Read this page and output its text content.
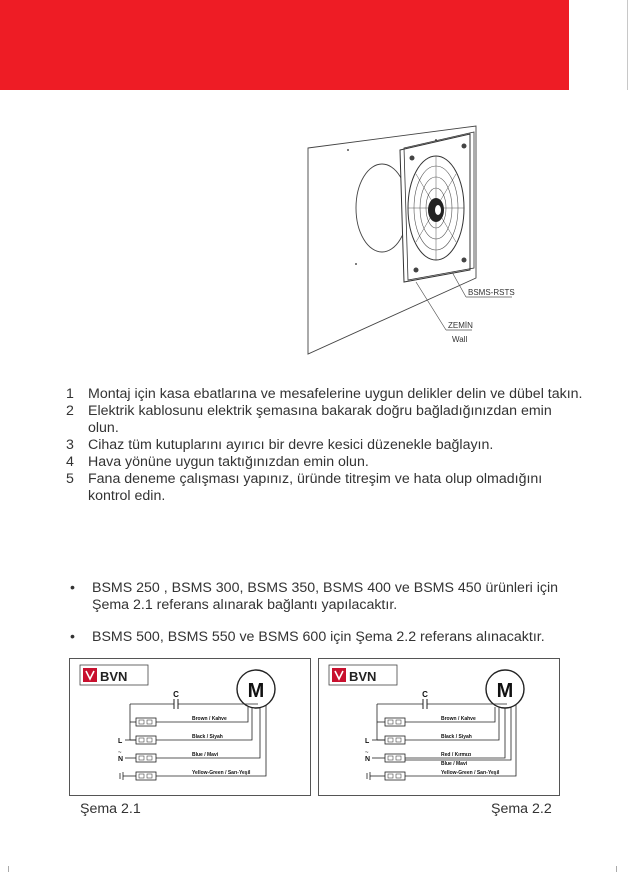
BSMS-RSTS
ZEMİN
Wall
1 Montaj için kasa ebatlarına ve mesafelerine uygun delikler delin ve dübel takın.
2 Elektrik kablosunu elektrik şemasına bakarak doğru bağladığınızdan emin olun.
3 Cihaz tüm kutuplarını ayırıcı bir devre kesici düzenekle bağlayın.
4 Hava yönüne uygun taktığınızdan emin olun.
5 Fana deneme çalışması yapınız, üründe titreşim ve hata olup olmadığını kontrol edin.
• BSMS 250 , BSMS 300, BSMS 350, BSMS 400 ve BSMS 450 ürünleri için Şema 2.1 referans alınarak bağlantı yapılacaktır.
• BSMS 500, BSMS 550 ve BSMS 600 için Şema 2.2 referans alınacaktır.
BVN
M
C
Brown / Kahve
Black / Siyah
Blue / Mavi
Yellow-Green / Sarı-Yeşil
L
N
~
BVN
M
C
Brown / Kahve
Black / Siyah
Red / Kırmızı
Blue / Mavi
Yellow-Green / Sarı-Yeşil
L
N
~
Şema 2.1	Şema 2.2
